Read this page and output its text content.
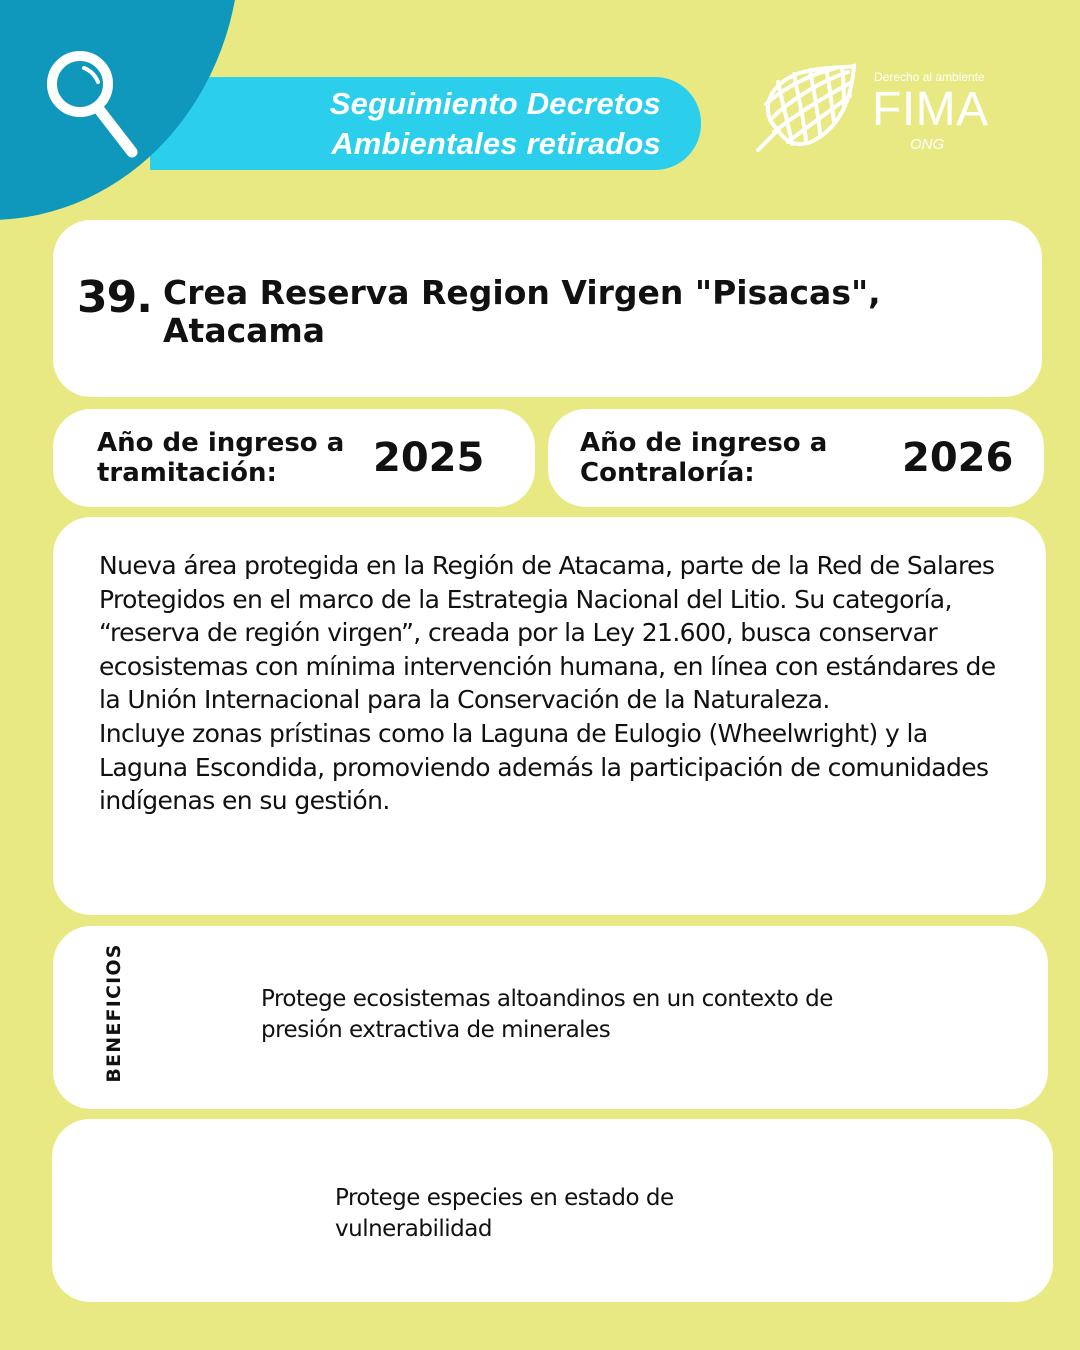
Seguimiento Decretos
Ambientales retirados
Derecho al ambiente
FIMA
ONG
39. Crea Reserva Region Virgen "Pisacas", Atacama
Año de ingreso a tramitación:	2025	Año de ingreso a Contraloría:	2026

Nueva área protegida en la Región de Atacama, parte de la Red de Salares Protegidos en el marco de la Estrategia Nacional del Litio. Su categoría, “reserva de región virgen”, creada por la Ley 21.600, busca conservar ecosistemas con mínima intervención humana, en línea con estándares de la Unión Internacional para la Conservación de la Naturaleza.

Incluye zonas prístinas como la Laguna de Eulogio (Wheelwright) y la Laguna Escondida, promoviendo además la participación de comunidades indígenas en su gestión.

BENEFICIOS	Protege ecosistemas altoandinos en un contexto de presión extractiva de minerales
Protege especies en estado de vulnerabilidad
